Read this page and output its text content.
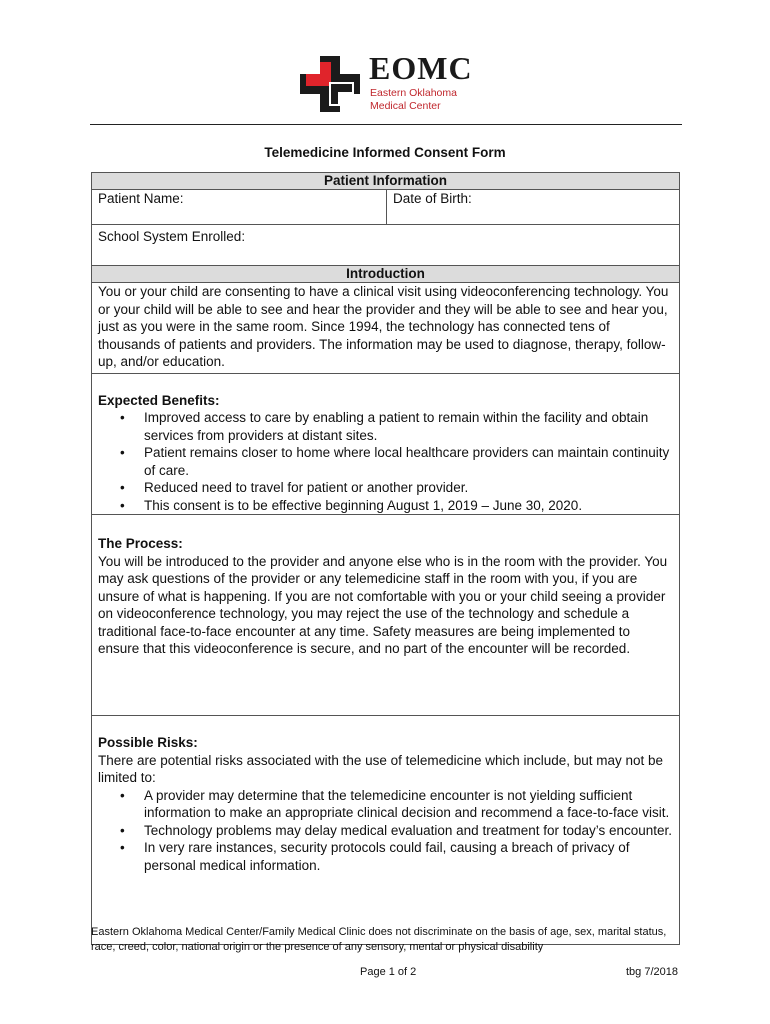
EOMC
Eastern Oklahoma
Medical Center
Telemedicine Informed Consent Form
Patient Information
Patient Name:	Date of Birth:
School System Enrolled:
Introduction
You or your child are consenting to have a clinical visit using videoconferencing technology. You or your child will be able to see and hear the provider and they will be able to see and hear you, just as you were in the same room. Since 1994, the technology has connected tens of thousands of patients and providers. The information may be used to diagnose, therapy, follow-up, and/or education.

Expected Benefits:
• Improved access to care by enabling a patient to remain within the facility and obtain services from providers at distant sites.
• Patient remains closer to home where local healthcare providers can maintain continuity of care.
• Reduced need to travel for patient or another provider.
• This consent is to be effective beginning August 1, 2019 – June 30, 2020.

The Process:
You will be introduced to the provider and anyone else who is in the room with the provider. You may ask questions of the provider or any telemedicine staff in the room with you, if you are unsure of what is happening. If you are not comfortable with you or your child seeing a provider on videoconference technology, you may reject the use of the technology and schedule a traditional face-to-face encounter at any time. Safety measures are being implemented to ensure that this videoconference is secure, and no part of the encounter will be recorded.

Possible Risks:
There are potential risks associated with the use of telemedicine which include, but may not be limited to:
• A provider may determine that the telemedicine encounter is not yielding sufficient information to make an appropriate clinical decision and recommend a face-to-face visit.
• Technology problems may delay medical evaluation and treatment for today’s encounter.
• In very rare instances, security protocols could fail, causing a breach of privacy of personal medical information.
Eastern Oklahoma Medical Center/Family Medical Clinic does not discriminate on the basis of age, sex, marital status, race, creed, color, national origin or the presence of any sensory, mental or physical disability
Page 1 of 2	tbg 7/2018
